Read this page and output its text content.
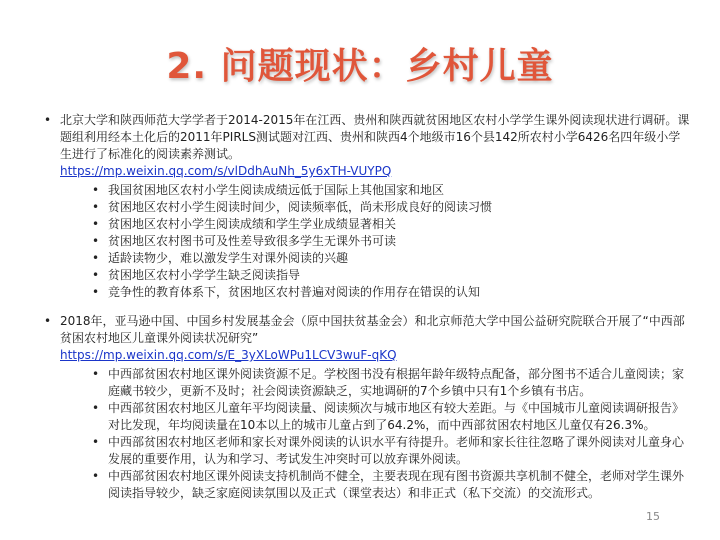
2. 问题现状：乡村儿童
• 北京大学和陕西师范大学学者于2014-2015年在江西、贵州和陕西就贫困地区农村小学学生课外阅读现状进行调研。课题组利用经本土化后的2011年PIRLS测试题对江西、贵州和陕西4个地级市16个县142所农村小学6426名四年级小学生进行了标准化的阅读素养测试。
https://mp.weixin.qq.com/s/vlDdhAuNh_5y6xTH-VUYPQ
• 我国贫困地区农村小学生阅读成绩远低于国际上其他国家和地区
• 贫困地区农村小学生阅读时间少，阅读频率低，尚未形成良好的阅读习惯
• 贫困地区农村小学生阅读成绩和学生学业成绩显著相关
• 贫困地区农村图书可及性差导致很多学生无课外书可读
• 适龄读物少，难以激发学生对课外阅读的兴趣
• 贫困地区农村小学学生缺乏阅读指导
• 竞争性的教育体系下，贫困地区农村普遍对阅读的作用存在错误的认知
• 2018年，亚马逊中国、中国乡村发展基金会（原中国扶贫基金会）和北京师范大学中国公益研究院联合开展了“中西部贫困农村地区儿童课外阅读状况研究”
https://mp.weixin.qq.com/s/E_3yXLoWPu1LCV3wuF-qKQ
• 中西部贫困农村地区课外阅读资源不足。学校图书没有根据年龄年级特点配备，部分图书不适合儿童阅读；家庭藏书较少，更新不及时；社会阅读资源缺乏，实地调研的7个乡镇中只有1个乡镇有书店。
• 中西部贫困农村地区儿童年平均阅读量、阅读频次与城市地区有较大差距。与《中国城市儿童阅读调研报告》对比发现，年均阅读量在10本以上的城市儿童占到了64.2%，而中西部贫困农村地区儿童仅有26.3%。
• 中西部贫困农村地区老师和家长对课外阅读的认识水平有待提升。老师和家长往往忽略了课外阅读对儿童身心发展的重要作用，认为和学习、考试发生冲突时可以放弃课外阅读。
• 中西部贫困农村地区课外阅读支持机制尚不健全，主要表现在现有图书资源共享机制不健全，老师对学生课外阅读指导较少，缺乏家庭阅读氛围以及正式（课堂表达）和非正式（私下交流）的交流形式。
15
